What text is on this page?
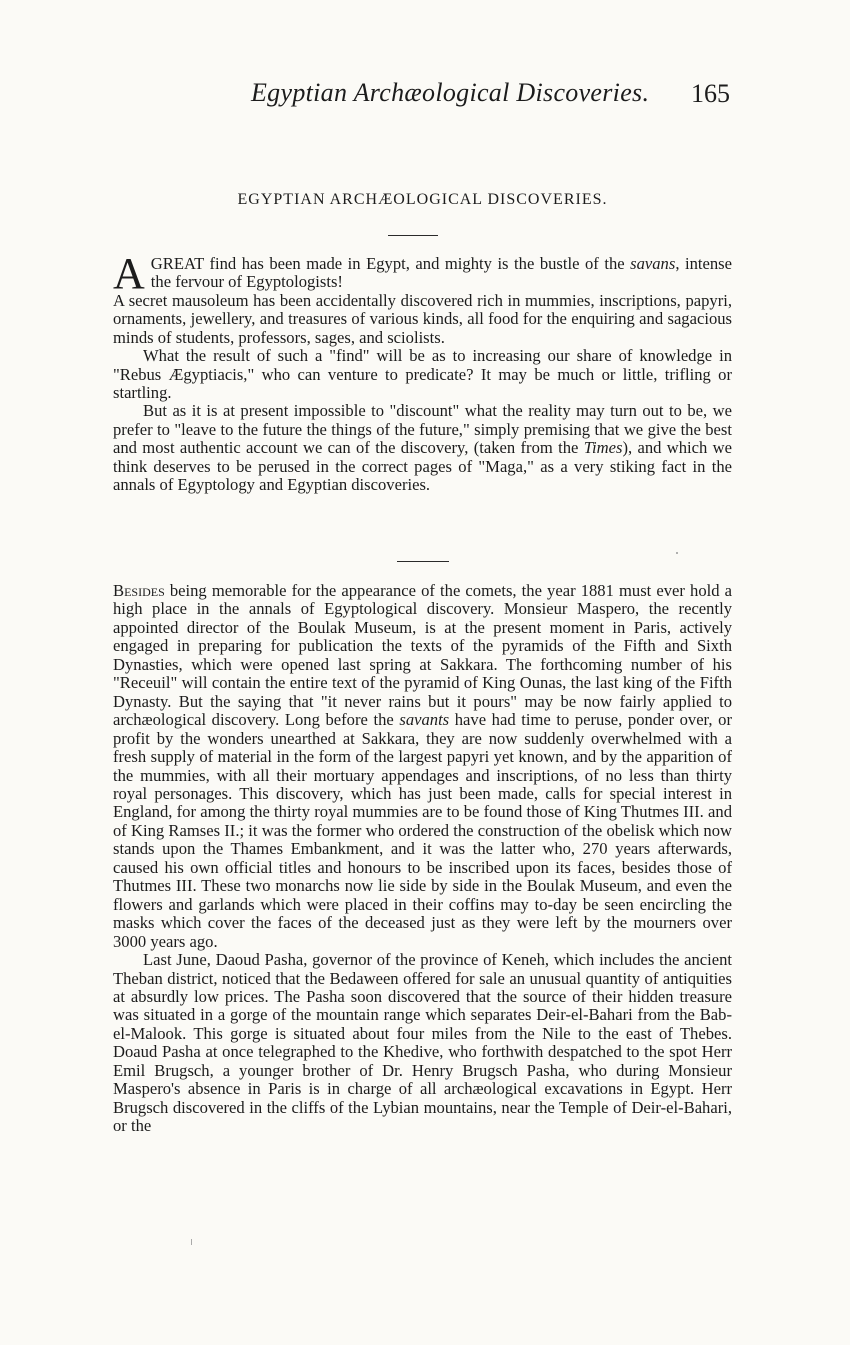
Egyptian Archæological Discoveries. 165
EGYPTIAN ARCHÆOLOGICAL DISCOVERIES.

AGREAT find has been made in Egypt, and mighty is the bustle of the savans, intense the fervour of Egyptologists!

A secret mausoleum has been accidentally discovered rich in mummies, inscriptions, papyri, ornaments, jewellery, and treasures of various kinds, all food for the enquiring and sagacious minds of students, professors, sages, and sciolists.

What the result of such a "find" will be as to increasing our share of knowledge in "Rebus Ægyptiacis," who can venture to predicate? It may be much or little, trifling or startling.

But as it is at present impossible to "discount" what the reality may turn out to be, we prefer to "leave to the future the things of the future," simply premising that we give the best and most authentic account we can of the discovery, (taken from the Times), and which we think deserves to be perused in the correct pages of "Maga," as a very stiking fact in the annals of Egyptology and Egyptian discoveries.

Besides being memorable for the appearance of the comets, the year 1881 must ever hold a high place in the annals of Egyptological discovery. Monsieur Maspero, the recently appointed director of the Boulak Museum, is at the present moment in Paris, actively engaged in preparing for publication the texts of the pyramids of the Fifth and Sixth Dynasties, which were opened last spring at Sakkara. The forthcoming number of his "Receuil" will contain the entire text of the pyramid of King Ounas, the last king of the Fifth Dynasty. But the saying that "it never rains but it pours" may be now fairly applied to archæological discovery. Long before the savants have had time to peruse, ponder over, or profit by the wonders unearthed at Sakkara, they are now suddenly overwhelmed with a fresh supply of material in the form of the largest papyri yet known, and by the apparition of the mummies, with all their mortuary appendages and inscriptions, of no less than thirty royal personages. This discovery, which has just been made, calls for special interest in England, for among the thirty royal mummies are to be found those of King Thutmes III. and of King Ramses II.; it was the former who ordered the construction of the obelisk which now stands upon the Thames Embankment, and it was the latter who, 270 years afterwards, caused his own official titles and honours to be inscribed upon its faces, besides those of Thutmes III. These two monarchs now lie side by side in the Boulak Museum, and even the flowers and garlands which were placed in their coffins may to-day be seen encircling the masks which cover the faces of the deceased just as they were left by the mourners over 3000 years ago.

Last June, Daoud Pasha, governor of the province of Keneh, which includes the ancient Theban district, noticed that the Bedaween offered for sale an unusual quantity of antiquities at absurdly low prices. The Pasha soon discovered that the source of their hidden treasure was situated in a gorge of the mountain range which separates Deir-el-Bahari from the Bab-el-Malook. This gorge is situated about four miles from the Nile to the east of Thebes. Doaud Pasha at once telegraphed to the Khedive, who forthwith despatched to the spot Herr Emil Brugsch, a younger brother of Dr. Henry Brugsch Pasha, who during Monsieur Maspero's absence in Paris is in charge of all archæological excavations in Egypt. Herr Brugsch discovered in the cliffs of the Lybian mountains, near the Temple of Deir-el-Bahari, or the
